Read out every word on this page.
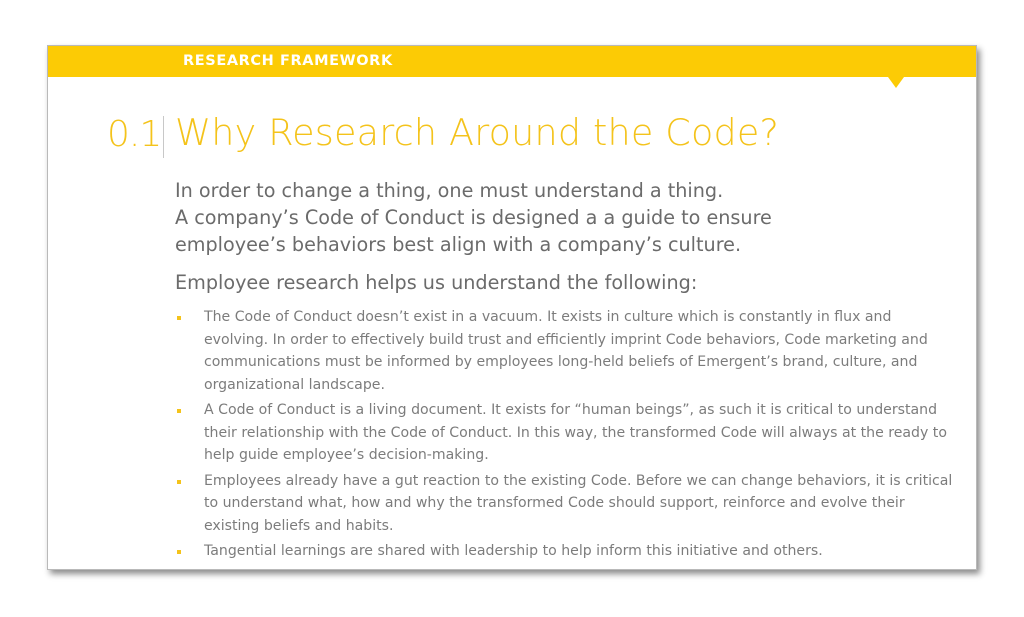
RESEARCH FRAMEWORK
0.1 Why Research Around the Code?
In order to change a thing, one must understand a thing.
A company’s Code of Conduct is designed a a guide to ensure
employee’s behaviors best align with a company’s culture.
Employee research helps us understand the following:
The Code of Conduct doesn’t exist in a vacuum. It exists in culture which is constantly in flux and evolving. In order to effectively build trust and efficiently imprint Code behaviors, Code marketing and communications must be informed by employees long-held beliefs of Emergent’s brand, culture, and organizational landscape.
A Code of Conduct is a living document. It exists for “human beings”, as such it is critical to understand their relationship with the Code of Conduct. In this way, the transformed Code will always at the ready to help guide employee’s decision-making.
Employees already have a gut reaction to the existing Code. Before we can change behaviors, it is critical to understand what, how and why the transformed Code should support, reinforce and evolve their existing beliefs and habits.
Tangential learnings are shared with leadership to help inform this initiative and others.
